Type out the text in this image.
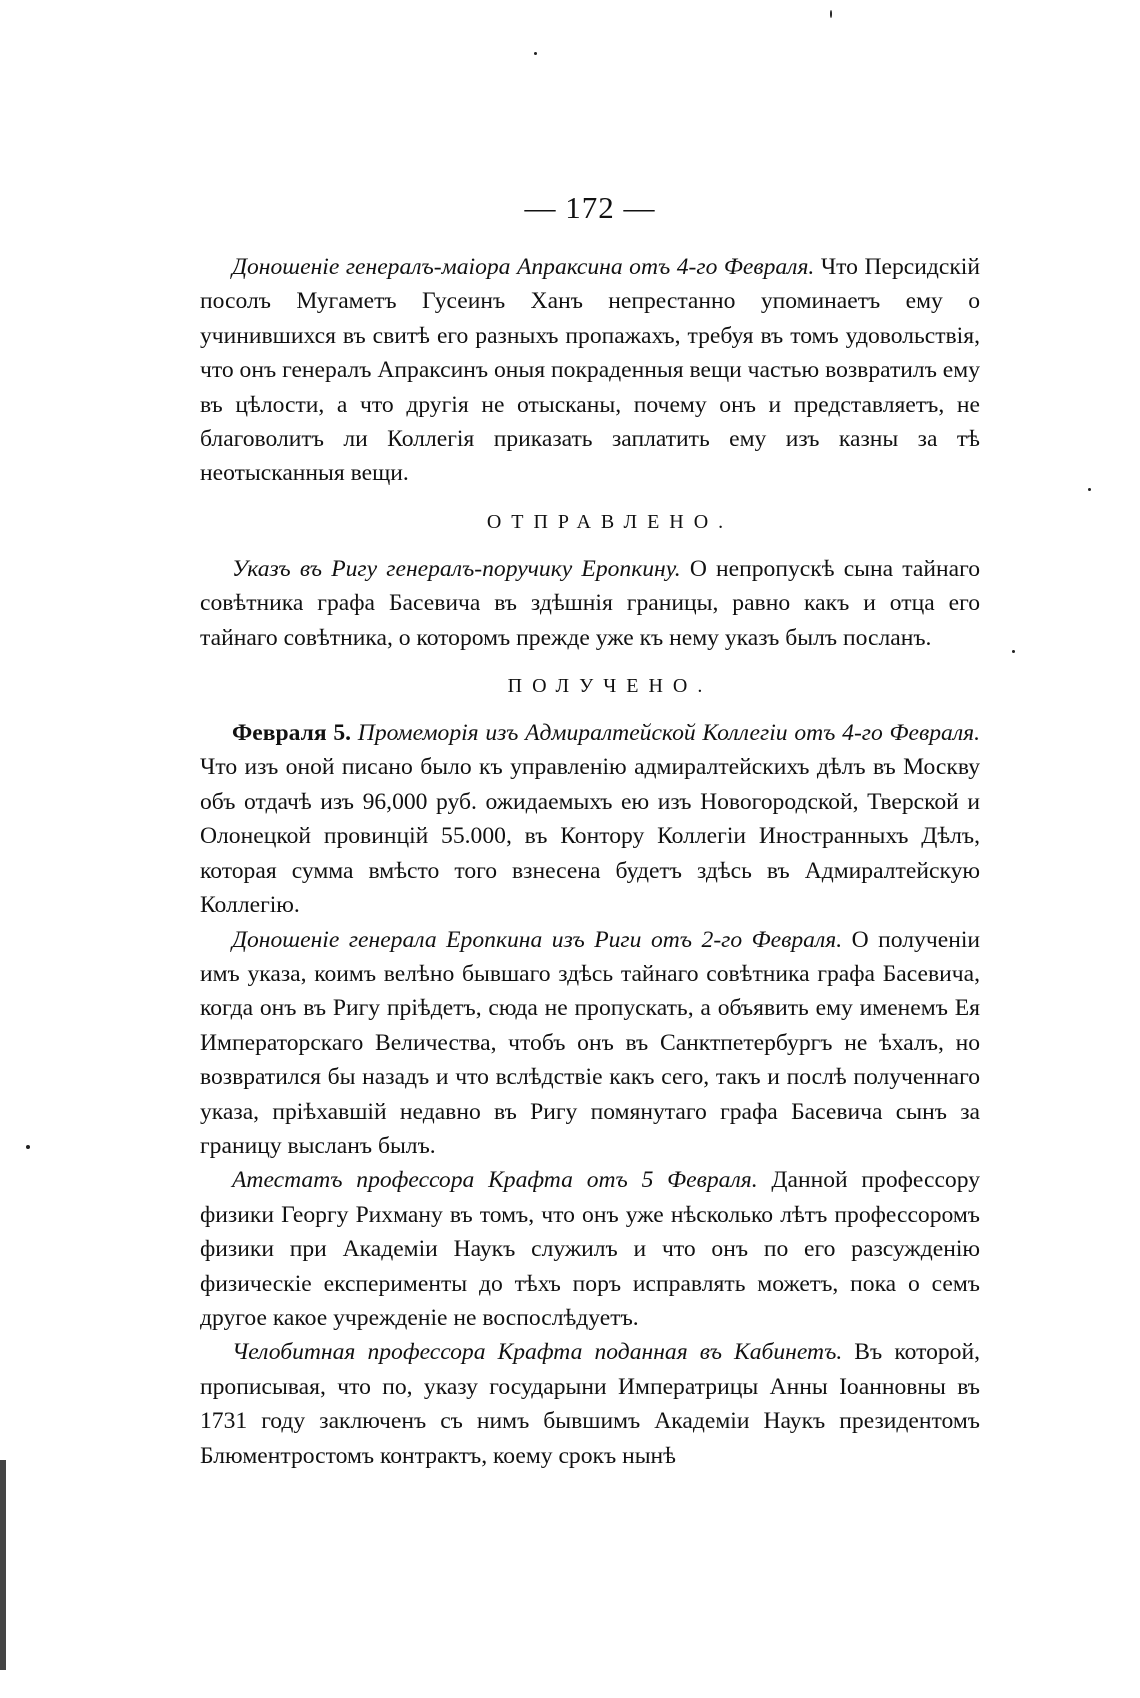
— 172 —

Доношеніе генералъ-маіора Апраксина отъ 4-го Февраля. Что Персидскій посолъ Мугаметъ Гусеинъ Ханъ непрестанно упоминаетъ ему о учинившихся въ свитѣ его разныхъ пропажахъ, требуя въ томъ удовольствія, что онъ генералъ Апраксинъ оныя покраденныя вещи частью возвратилъ ему въ цѣлости, а что другія не отысканы, почему онъ и представляетъ, не благоволитъ ли Коллегія приказать заплатить ему изъ казны за тѣ неотысканныя вещи.

ОТПРАВЛЕНО.

Указъ въ Ригу генералъ-поручику Еропкину. О непропускѣ сына тайнаго совѣтника графа Басевича въ здѣшнія границы, равно какъ и отца его тайнаго совѣтника, о которомъ прежде уже къ нему указъ былъ посланъ.

ПОЛУЧЕНО.

Февраля 5. Промеморія изъ Адмиралтейской Коллегіи отъ 4-го Февраля. Что изъ оной писано было къ управленію адмиралтейскихъ дѣлъ въ Москву объ отдачѣ изъ 96,000 руб. ожидаемыхъ ею изъ Новогородской, Тверской и Олонецкой провинцій 55.000, въ Контору Коллегіи Иностранныхъ Дѣлъ, которая сумма вмѣсто того взнесена будетъ здѣсь въ Адмиралтейскую Коллегію.

Доношеніе генерала Еропкина изъ Риги отъ 2-го Февраля. О полученіи имъ указа, коимъ велѣно бывшаго здѣсь тайнаго совѣтника графа Басевича, когда онъ въ Ригу пріѣдетъ, сюда не пропускать, а объявить ему именемъ Ея Императорскаго Величества, чтобъ онъ въ Санктпетербургъ не ѣхалъ, но возвратился бы назадъ и что вслѣдствіе какъ сего, такъ и послѣ полученнаго указа, пріѣхавшій недавно въ Ригу помянутаго графа Басевича сынъ за границу высланъ былъ.

Атестатъ профессора Крафта отъ 5 Февраля. Данной профессору физики Георгу Рихману въ томъ, что онъ уже нѣсколько лѣтъ профессоромъ физики при Академіи Наукъ служилъ и что онъ по его разсужденію физическіе експерименты до тѣхъ поръ исправлять можетъ, пока о семъ другое какое учрежденіе не воспослѣдуетъ.

Челобитная профессора Крафта поданная въ Кабинетъ. Въ которой, прописывая, что по, указу государыни Императрицы Анны Іоанновны въ 1731 году заключенъ съ нимъ бывшимъ Академіи Наукъ президентомъ Блюментростомъ контрактъ, коему срокъ нынѣ
